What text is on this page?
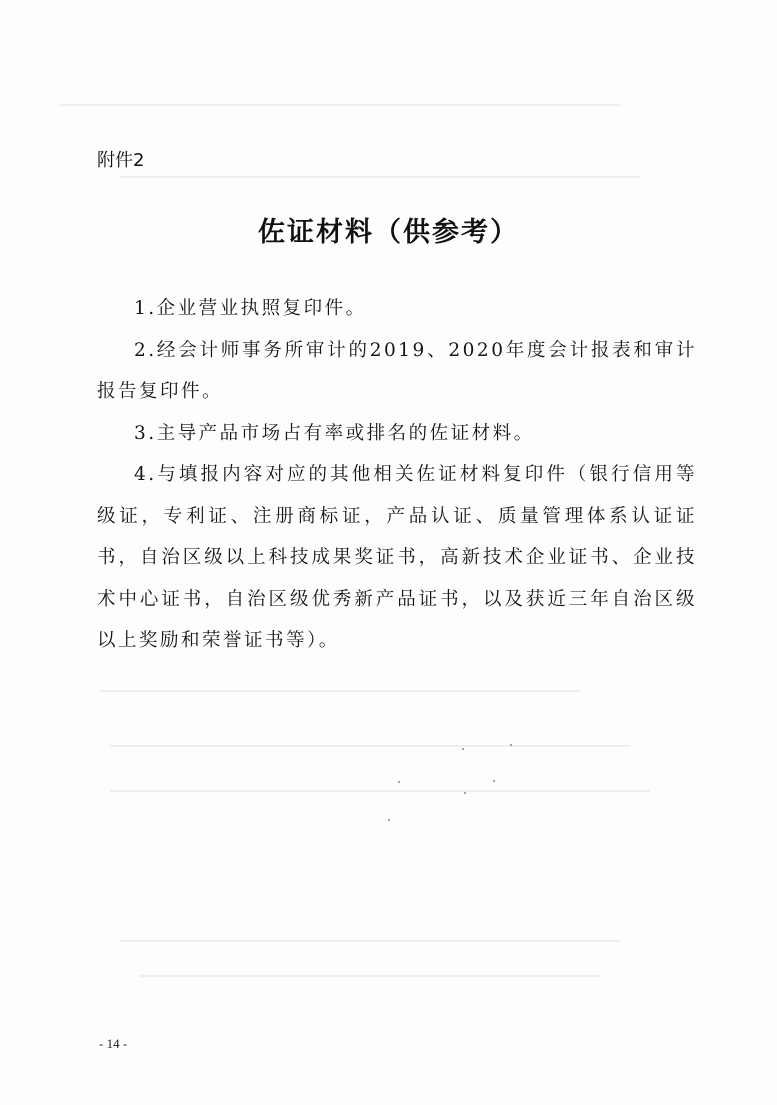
附件2
佐证材料（供参考）

1.企业营业执照复印件。

2.经会计师事务所审计的2019、2020年度会计报表和审计报告复印件。

3.主导产品市场占有率或排名的佐证材料。

4.与填报内容对应的其他相关佐证材料复印件（银行信用等级证，专利证、注册商标证，产品认证、质量管理体系认证证书，自治区级以上科技成果奖证书，高新技术企业证书、企业技术中心证书，自治区级优秀新产品证书，以及获近三年自治区级以上奖励和荣誉证书等）。

- 14 -
